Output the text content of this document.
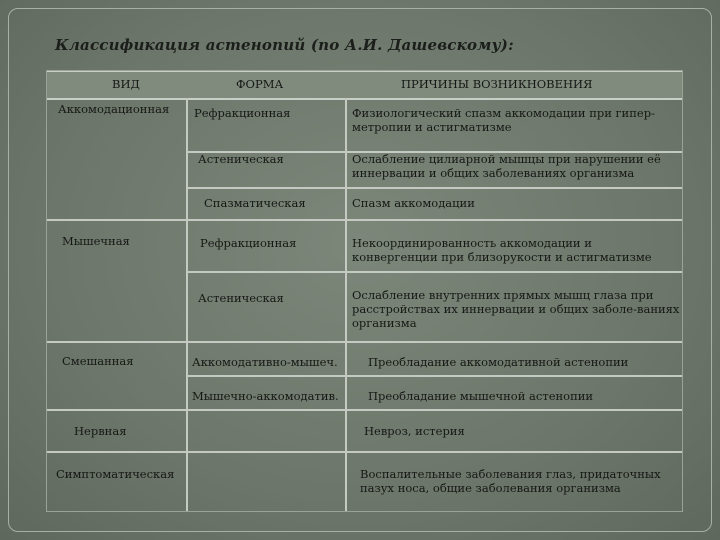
Классификация астенопий (по А.И. Дашевскому):
ВИД	ФОРМА	ПРИЧИНЫ ВОЗНИКНОВЕНИЯ
Аккомодационная
Мышечная
Смешанная
Нервная
Симптоматическая
Рефракционная
Астеническая
Спазматическая
Рефракционная
Астеническая
Аккомодативно-мышеч.
Мышечно-аккомодатив.
Физиологический спазм аккомодации при гипер-метропии и астигматизме
Ослабление цилиарной мышцы при нарушении её иннервации и общих заболеваниях организма
Спазм аккомодации
Некоординированность аккомодации и конвергенции при близорукости и астигматизме
Ослабление внутренних прямых мышц глаза при расстройствах их иннервации и общих заболе-ваниях организма
Преобладание аккомодативной астенопии
Преобладание мышечной астенопии
Невроз, истерия
Воспалительные заболевания глаз, придаточных пазух носа, общие заболевания организма
